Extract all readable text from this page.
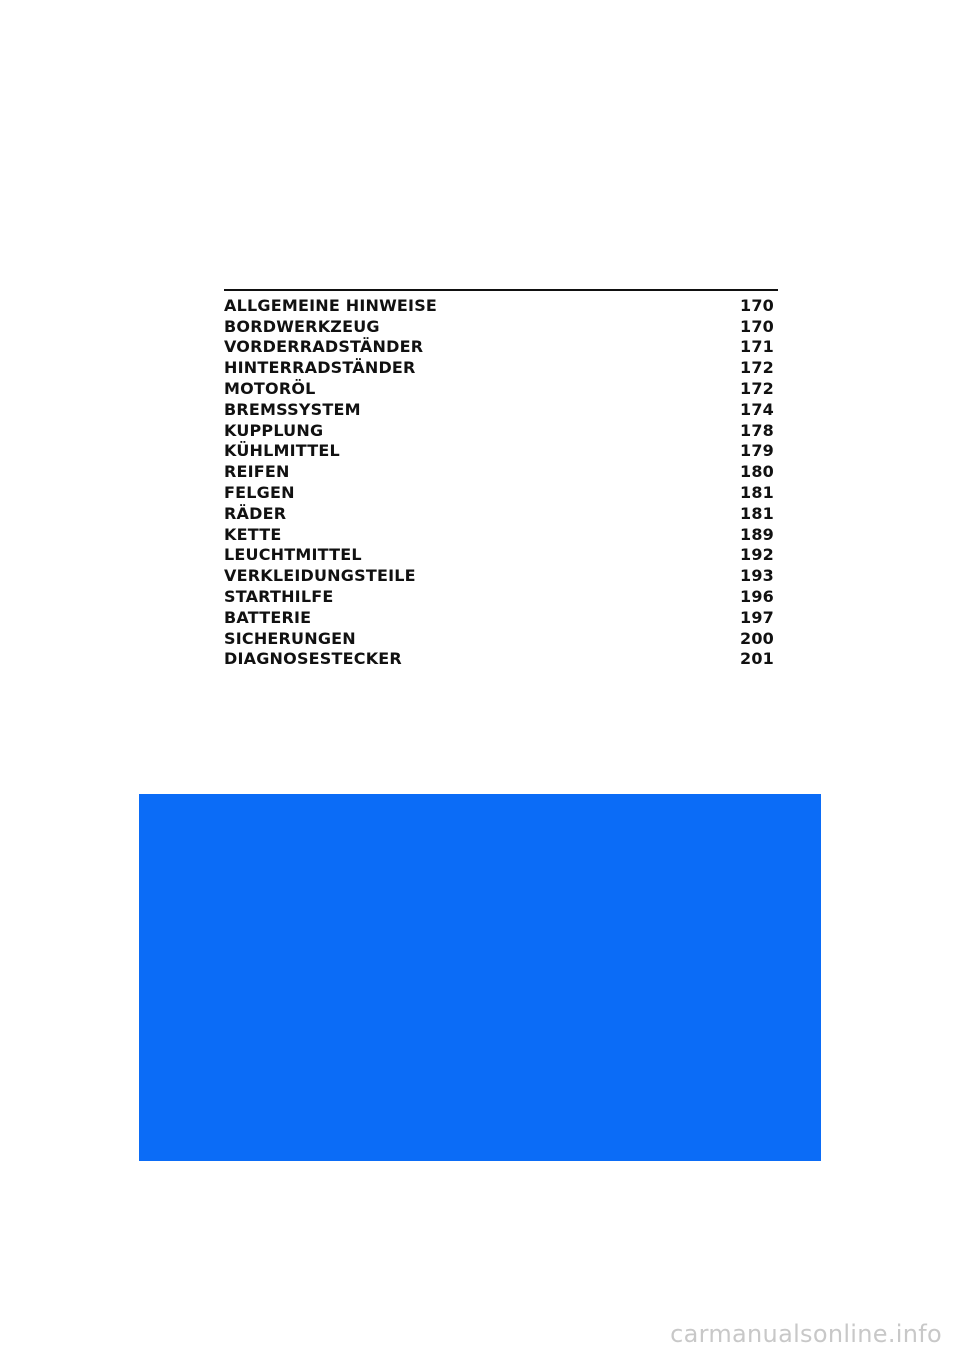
ALLGEMEINE HINWEISE	170
BORDWERKZEUG	170
VORDERRADSTÄNDER	171
HINTERRADSTÄNDER	172
MOTORÖL	172
BREMSSYSTEM	174
KUPPLUNG	178
KÜHLMITTEL	179
REIFEN	180
FELGEN	181
RÄDER	181
KETTE	189
LEUCHTMITTEL	192
VERKLEIDUNGSTEILE	193
STARTHILFE	196
BATTERIE	197
SICHERUNGEN	200
DIAGNOSESTECKER	201
carmanualsonline.info
